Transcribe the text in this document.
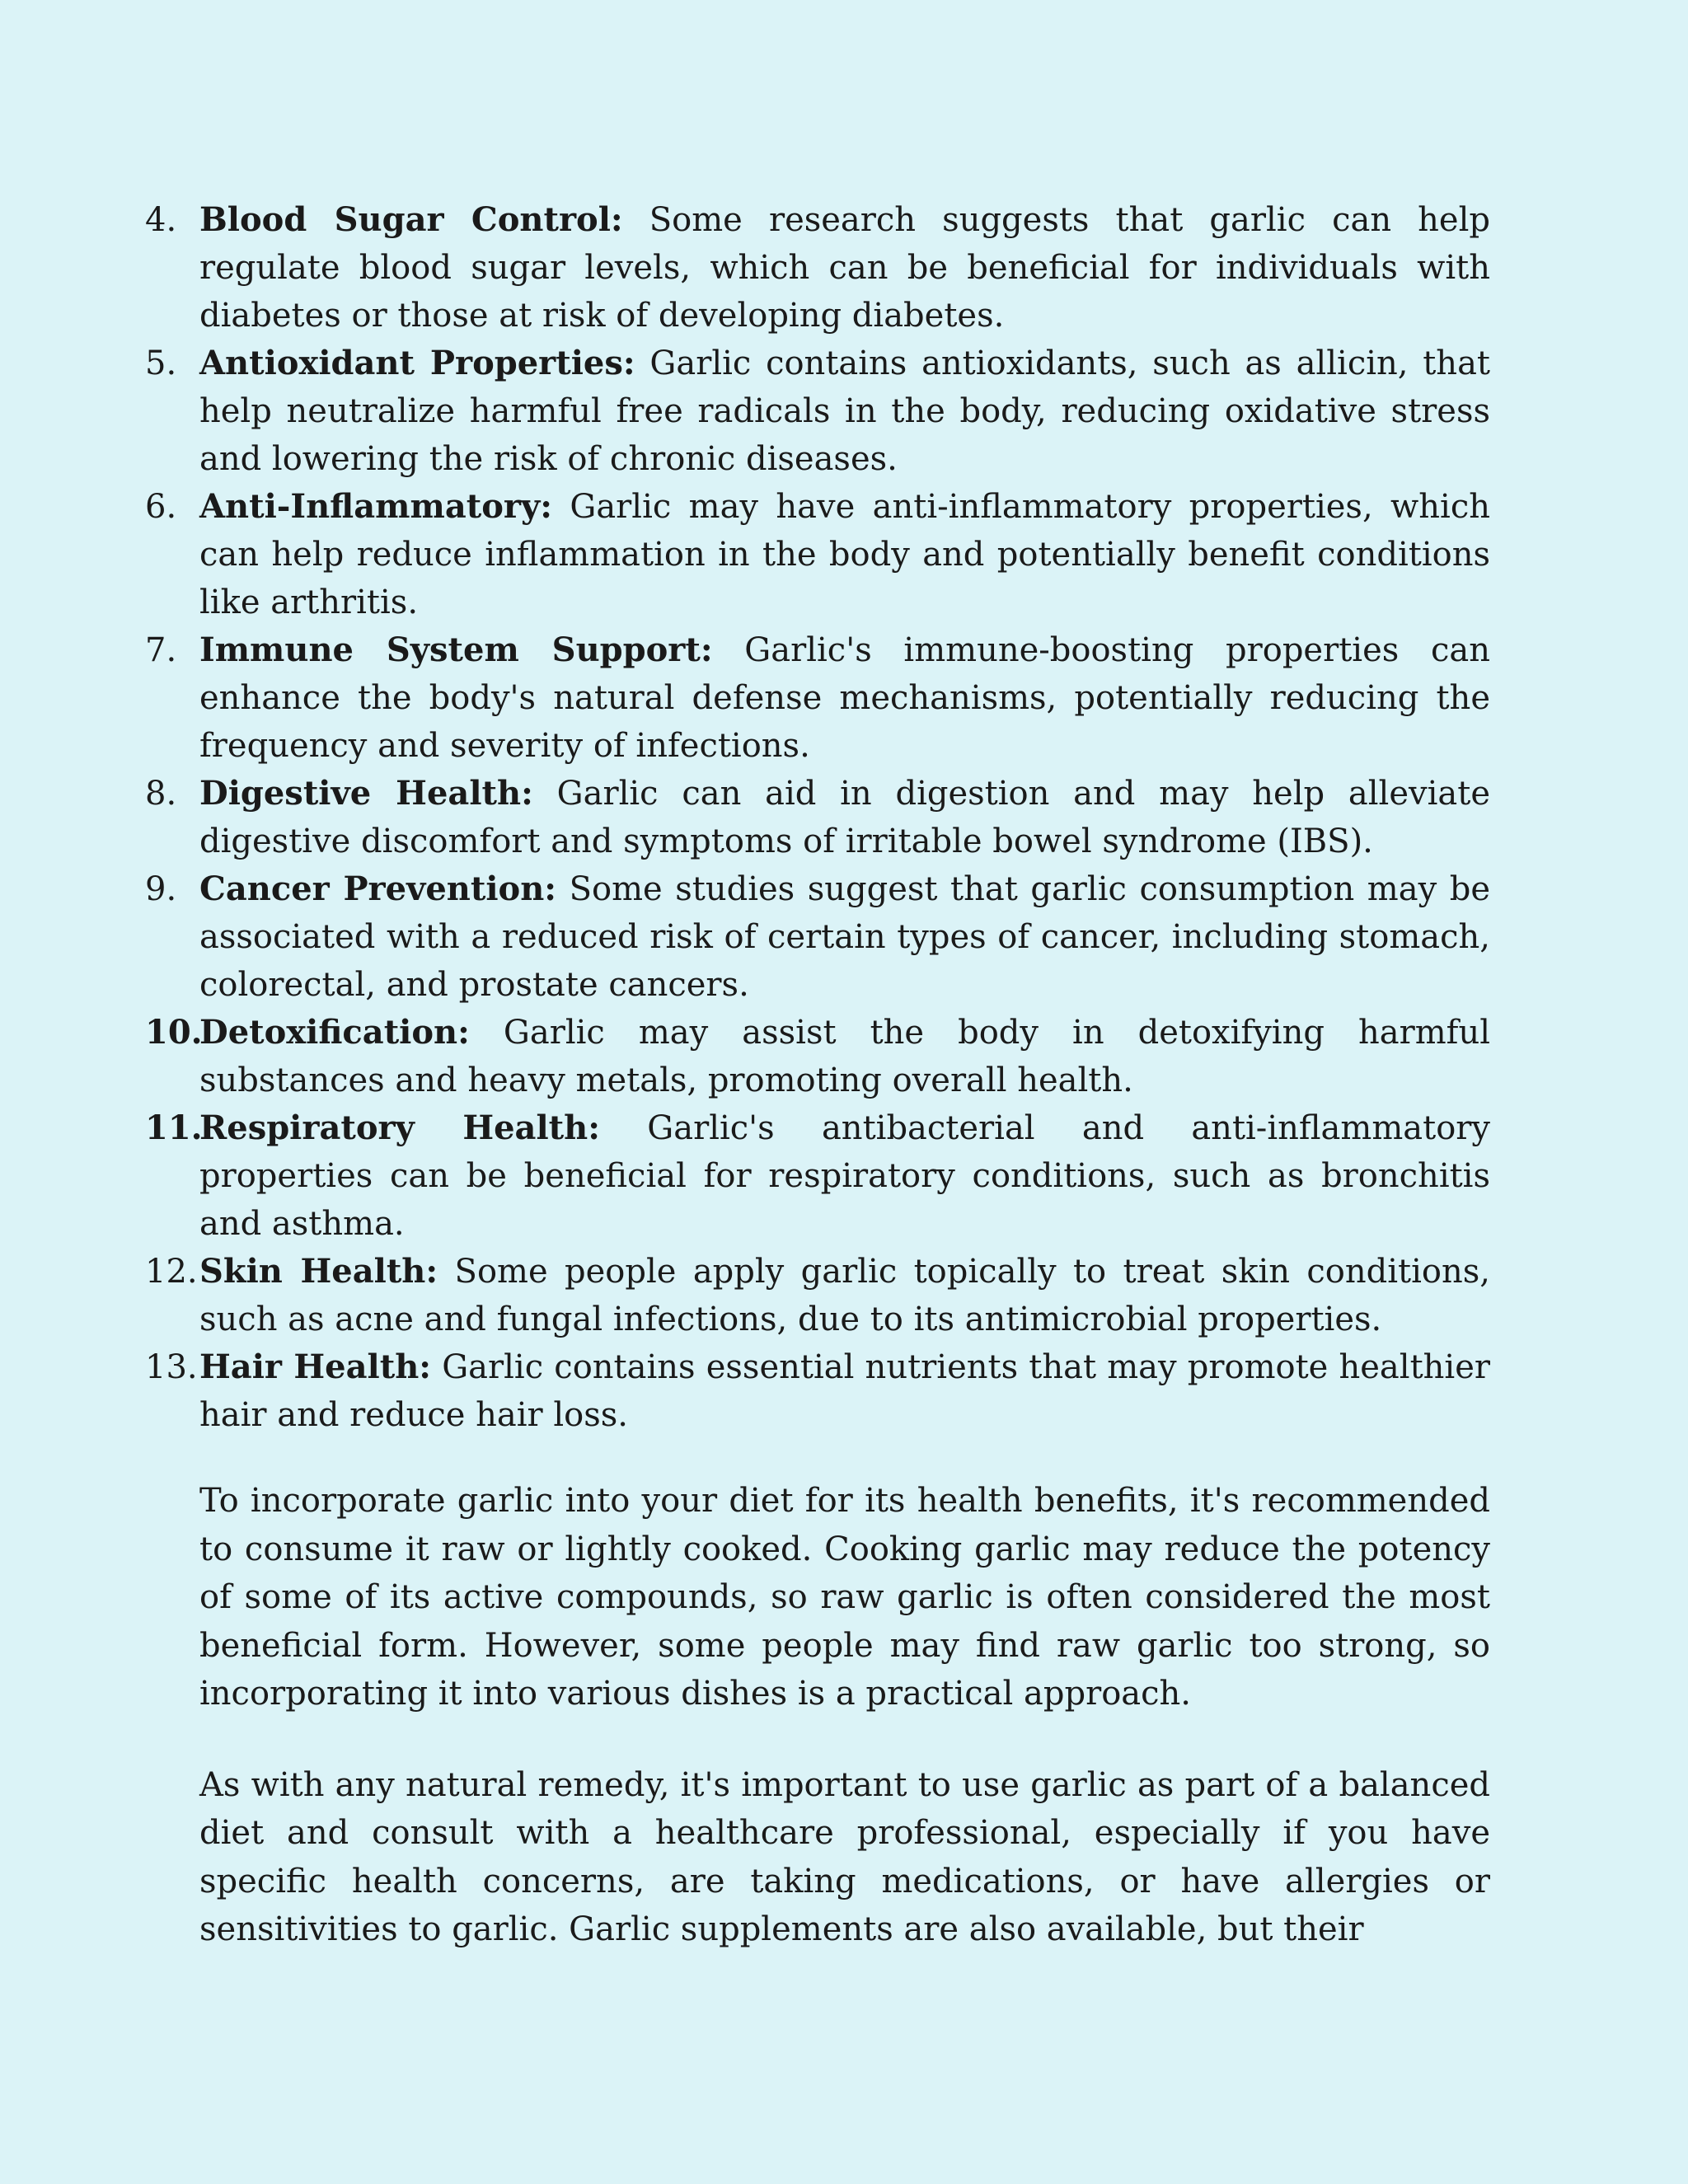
4. Blood Sugar Control: Some research suggests that garlic can help regulate blood sugar levels, which can be beneficial for individuals with diabetes or those at risk of developing diabetes.
5. Antioxidant Properties: Garlic contains antioxidants, such as allicin, that help neutralize harmful free radicals in the body, reducing oxidative stress and lowering the risk of chronic diseases.
6. Anti-Inflammatory: Garlic may have anti-inflammatory properties, which can help reduce inflammation in the body and potentially benefit conditions like arthritis.
7. Immune System Support: Garlic's immune-boosting properties can enhance the body's natural defense mechanisms, potentially reducing the frequency and severity of infections.
8. Digestive Health: Garlic can aid in digestion and may help alleviate digestive discomfort and symptoms of irritable bowel syndrome (IBS).
9. Cancer Prevention: Some studies suggest that garlic consumption may be associated with a reduced risk of certain types of cancer, including stomach, colorectal, and prostate cancers.
10.
Detoxification: Garlic may assist the body in detoxifying harmful substances and heavy metals, promoting overall health.
11.
Respiratory Health: Garlic's antibacterial and anti-inflammatory properties can be beneficial for respiratory conditions, such as bronchitis and asthma.
12. Skin Health: Some people apply garlic topically to treat skin conditions, such as acne and fungal infections, due to its antimicrobial properties.
13. Hair Health: Garlic contains essential nutrients that may promote healthier hair and reduce hair loss.

To incorporate garlic into your diet for its health benefits, it's recommended to consume it raw or lightly cooked. Cooking garlic may reduce the potency of some of its active compounds, so raw garlic is often considered the most beneficial form. However, some people may find raw garlic too strong, so incorporating it into various dishes is a practical approach.

As with any natural remedy, it's important to use garlic as part of a balanced diet and consult with a healthcare professional, especially if you have specific health concerns, are taking medications, or have allergies or sensitivities to garlic. Garlic supplements are also available, but their
